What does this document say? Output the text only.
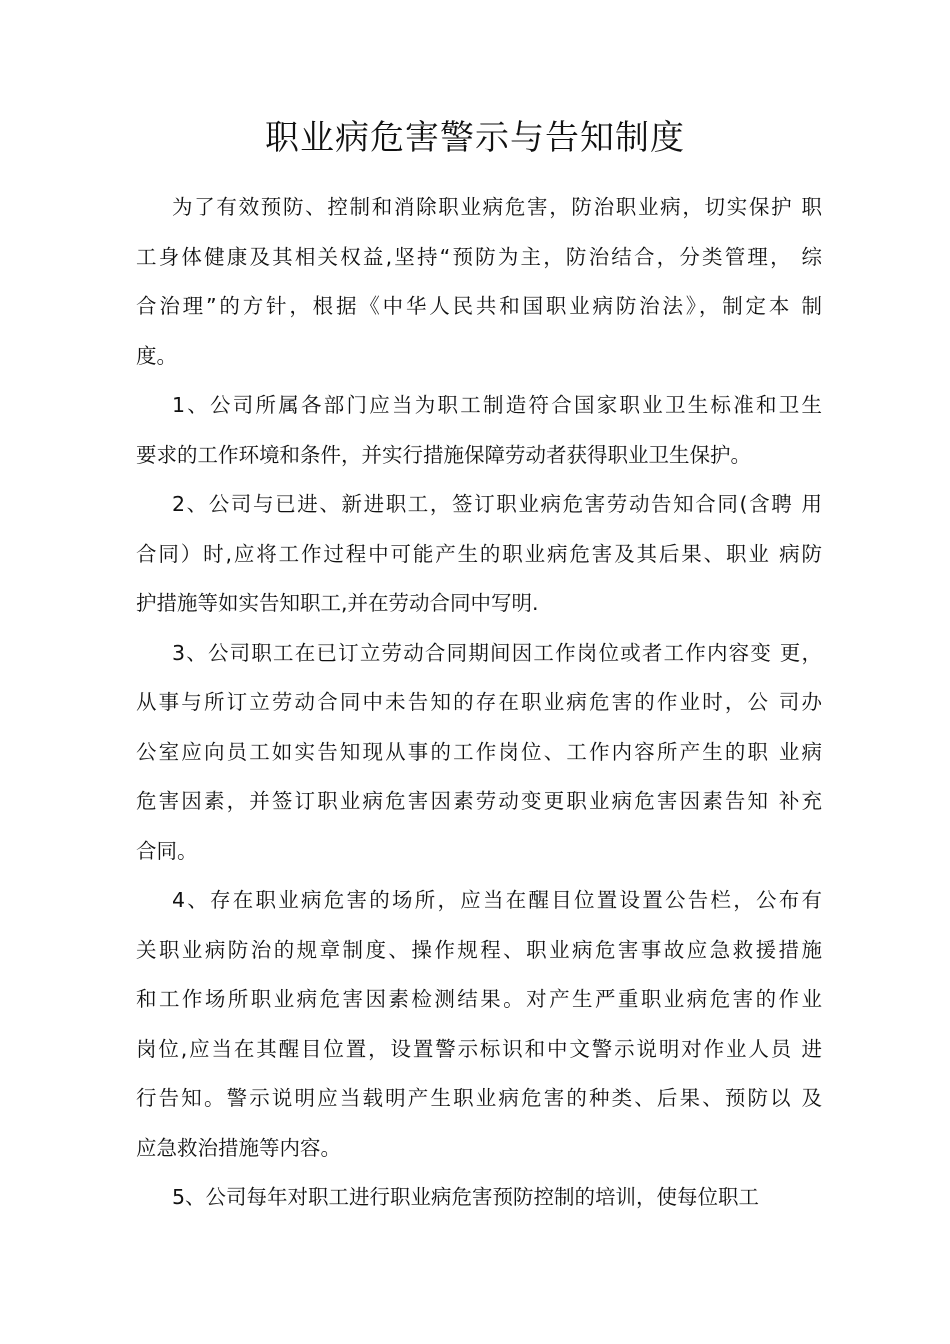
职业病危害警示与告知制度
为了有效预防、控制和消除职业病危害，防治职业病，切实保护 职
工身体健康及其相关权益,坚持“预防为主，防治结合，分类管理， 综
合治理”的方针，根据《中华人民共和国职业病防治法》，制定本 制
度。
1、公司所属各部门应当为职工制造符合国家职业卫生标准和卫生
要求的工作环境和条件，并实行措施保障劳动者获得职业卫生保护。
2、公司与已进、新进职工，签订职业病危害劳动告知合同(含聘 用
合同）时,应将工作过程中可能产生的职业病危害及其后果、职业 病防
护措施等如实告知职工,并在劳动合同中写明.
3、公司职工在已订立劳动合同期间因工作岗位或者工作内容变 更，
从事与所订立劳动合同中未告知的存在职业病危害的作业时，公 司办
公室应向员工如实告知现从事的工作岗位、工作内容所产生的职 业病
危害因素，并签订职业病危害因素劳动变更职业病危害因素告知 补充
合同。
4、存在职业病危害的场所，应当在醒目位置设置公告栏，公布有
关职业病防治的规章制度、操作规程、职业病危害事故应急救援措施
和工作场所职业病危害因素检测结果。对产生严重职业病危害的作业
岗位,应当在其醒目位置，设置警示标识和中文警示说明对作业人员 进
行告知。警示说明应当载明产生职业病危害的种类、后果、预防以 及
应急救治措施等内容。
5、公司每年对职工进行职业病危害预防控制的培训，使每位职工
